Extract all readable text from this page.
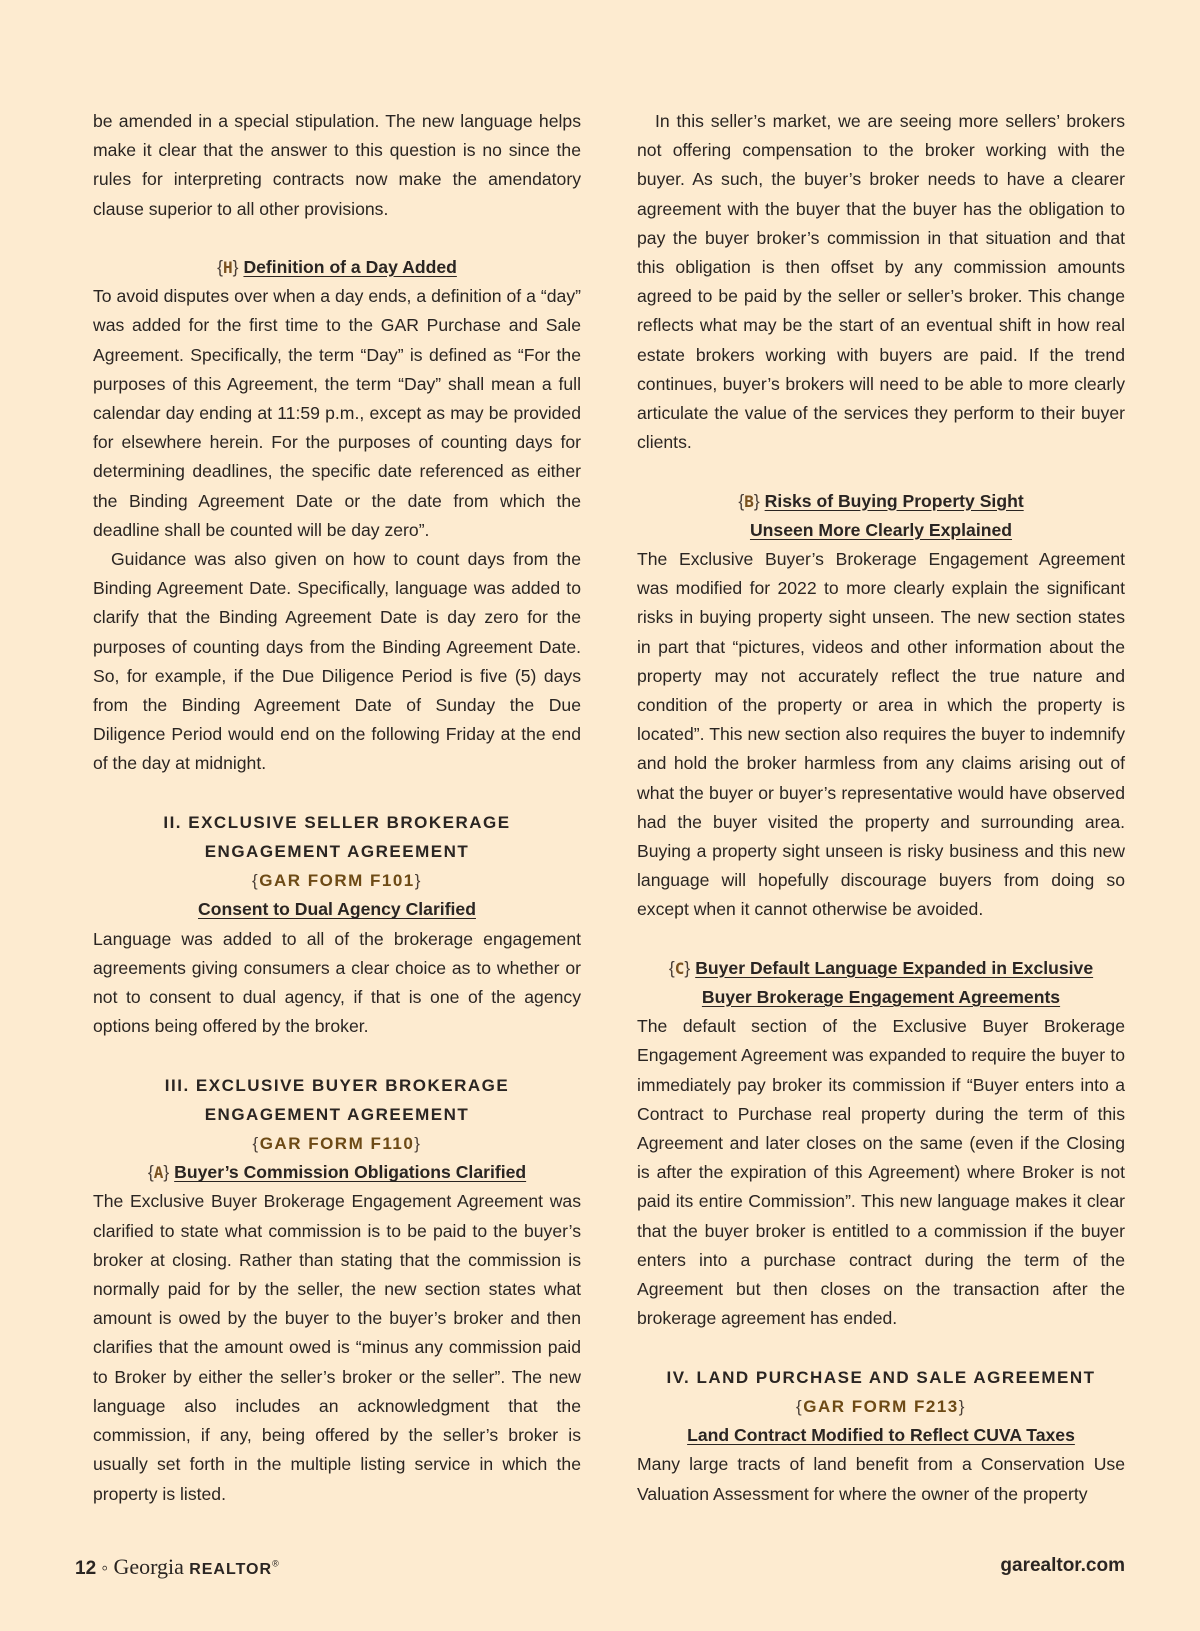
be amended in a special stipulation. The new language helps make it clear that the answer to this question is no since the rules for interpreting contracts now make the amendatory clause superior to all other provisions.

{H} Definition of a Day Added

To avoid disputes over when a day ends, a definition of a “day” was added for the first time to the GAR Purchase and Sale Agreement. Specifically, the term “Day” is defined as “For the purposes of this Agreement, the term “Day” shall mean a full calendar day ending at 11:59 p.m., except as may be provided for elsewhere herein. For the purposes of counting days for determining deadlines, the specific date referenced as either the Binding Agreement Date or the date from which the deadline shall be counted will be day zero”.

Guidance was also given on how to count days from the Binding Agreement Date. Specifically, language was added to clarify that the Binding Agreement Date is day zero for the purposes of counting days from the Binding Agreement Date. So, for example, if the Due Diligence Period is five (5) days from the Binding Agreement Date of Sunday the Due Diligence Period would end on the following Friday at the end of the day at midnight.

II. EXCLUSIVE SELLER BROKERAGE
ENGAGEMENT AGREEMENT
{GAR FORM F101}
Consent to Dual Agency Clarified

Language was added to all of the brokerage engagement agreements giving consumers a clear choice as to whether or not to consent to dual agency, if that is one of the agency options being offered by the broker.

III. EXCLUSIVE BUYER BROKERAGE
ENGAGEMENT AGREEMENT
{GAR FORM F110}
{A} Buyer’s Commission Obligations Clarified

The Exclusive Buyer Brokerage Engagement Agreement was clarified to state what commission is to be paid to the buyer’s broker at closing. Rather than stating that the commission is normally paid for by the seller, the new section states what amount is owed by the buyer to the buyer’s broker and then clarifies that the amount owed is “minus any commission paid to Broker by either the seller’s broker or the seller”. The new language also includes an acknowledgment that the commission, if any, being offered by the seller’s broker is usually set forth in the multiple listing service in which the property is listed.

In this seller’s market, we are seeing more sellers’ brokers not offering compensation to the broker working with the buyer. As such, the buyer’s broker needs to have a clearer agreement with the buyer that the buyer has the obligation to pay the buyer broker’s commission in that situation and that this obligation is then offset by any commission amounts agreed to be paid by the seller or seller’s broker. This change reflects what may be the start of an eventual shift in how real estate brokers working with buyers are paid. If the trend continues, buyer’s brokers will need to be able to more clearly articulate the value of the services they perform to their buyer clients.

{B} Risks of Buying Property Sight
Unseen More Clearly Explained

The Exclusive Buyer’s Brokerage Engagement Agreement was modified for 2022 to more clearly explain the significant risks in buying property sight unseen. The new section states in part that “pictures, videos and other information about the property may not accurately reflect the true nature and condition of the property or area in which the property is located”. This new section also requires the buyer to indemnify and hold the broker harmless from any claims arising out of what the buyer or buyer’s representative would have observed had the buyer visited the property and surrounding area. Buying a property sight unseen is risky business and this new language will hopefully discourage buyers from doing so except when it cannot otherwise be avoided.

{C} Buyer Default Language Expanded in Exclusive
Buyer Brokerage Engagement Agreements

The default section of the Exclusive Buyer Brokerage Engagement Agreement was expanded to require the buyer to immediately pay broker its commission if “Buyer enters into a Contract to Purchase real property during the term of this Agreement and later closes on the same (even if the Closing is after the expiration of this Agreement) where Broker is not paid its entire Commission”. This new language makes it clear that the buyer broker is entitled to a commission if the buyer enters into a purchase contract during the term of the Agreement but then closes on the transaction after the brokerage agreement has ended.

IV. LAND PURCHASE AND SALE AGREEMENT
{GAR FORM F213}
Land Contract Modified to Reflect CUVA Taxes

Many large tracts of land benefit from a Conservation Use Valuation Assessment for where the owner of the property

12 ◦ Georgia REALTOR®	garealtor.com
